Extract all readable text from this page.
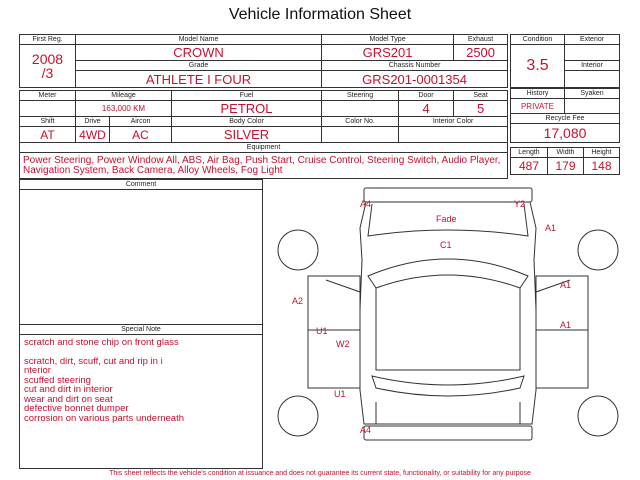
Vehicle Information Sheet
First Reg.	Model Name			Model Type		Exhaust

2008
/3	CROWN			GRS201		2500
	Grade			Chassis Number		
	ATHLETE I FOUR			GRS201-0001354		

Meter	Mileage		Fuel	Steering	Door	Seat
	163,000 KM		PETROL		4	5
Shift	Drive	Aircon	Body Color	Color No.	Interior Color	
AT	4WD	AC	SILVER			
Equipment						
Power Steering, Power Window All, ABS, Air Bag, Push Start, Cruise Control, Steering Switch, Audio Player, Navigation System, Back Camera, Alloy Wheels, Fog Light						
Condition	Exterior
3.5	
	Interior

History	Syaken
PRIVATE	
Recycle Fee	
17,080	
Length	Width	Height
487	179	148
Comment
Special Note
scratch and stone chip on front glass
scratch, dirt, scuff, cut and rip in i
nterior
scuffed steering
cut and dirt in interior
wear and dirt on seat
defective bonnet dumper
corrosion on various parts underneath
A4	Y2
Fade
A1
C1
A1
A2
A1
U1
W2
U1
A4
This sheet reflects the vehicle's condition at issuance and does not guarantee its current state, functionality, or suitability for any purpose
